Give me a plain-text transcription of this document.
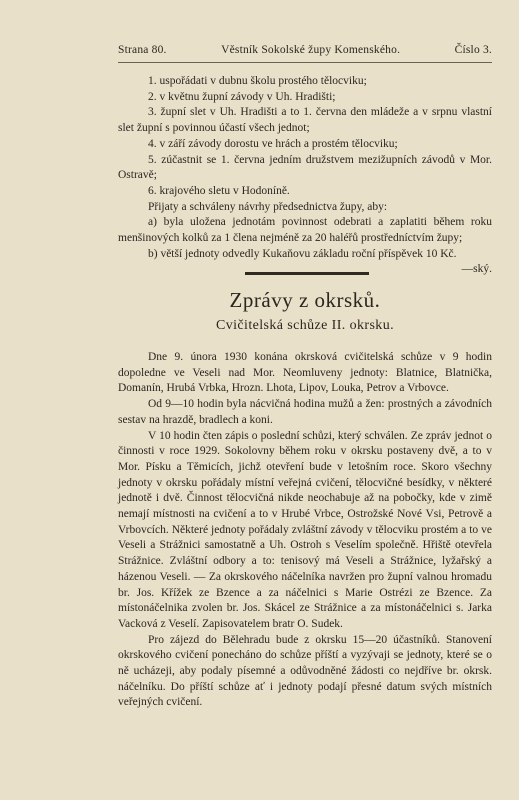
Strana 80.	Věstník Sokolské župy Komenského.	Číslo 3.

1. uspořádati v dubnu školu prostého tělocviku;

2. v květnu župní závody v Uh. Hradišti;

3. župní slet v Uh. Hradišti a to 1. června den mládeže a v srpnu vlastní slet župní s povinnou účastí všech jednot;

4. v září závody dorostu ve hrách a prostém tělocviku;

5. zúčastnit se 1. června jedním družstvem mezižupních závodů v Mor. Ostravě;

6. krajového sletu v Hodoníně.

Přijaty a schváleny návrhy předsednictva župy, aby:

a) byla uložena jednotám povinnost odebrati a zaplatiti během roku menšinových kolků za 1 člena nejméně za 20 haléřů prostředníctvím župy;

b) větší jednoty odvedly Kukaňovu základu roční příspěvek 10 Kč.

—ský.

Zprávy z okrsků.
Cvičitelská schůze II. okrsku.

Dne 9. února 1930 konána okrsková cvičitelská schůze v 9 hodin dopoledne ve Veseli nad Mor. Neomluveny jednoty: Blatnice, Blatnička, Domanín, Hrubá Vrbka, Hrozn. Lhota, Lipov, Louka, Petrov a Vrbovce.

Od 9—10 hodin byla nácvičná hodina mužů a žen: prostných a závodních sestav na hrazdě, bradlech a koni.

V 10 hodin čten zápis o poslední schůzi, který schválen. Ze zpráv jednot o činnosti v roce 1929. Sokolovny během roku v okrsku postaveny dvě, a to v Mor. Písku a Těmicích, jichž otevření bude v letošním roce. Skoro všechny jednoty v okrsku pořádaly místní veřejná cvičení, tělocvičné besídky, v některé jednotě i dvě. Činnost tělocvičná nikde neochabuje až na pobočky, kde v zimě nemají místnosti na cvičení a to v Hrubé Vrbce, Ostrožské Nové Vsi, Petrově a Vrbovcích. Některé jednoty pořádaly zvláštní závody v tělocviku prostém a to ve Veseli a Strážnici samostatně a Uh. Ostroh s Veselím společně. Hřiště otevřela Strážnice. Zvláštní odbory a to: tenisový má Veseli a Strážnice, lyžařský a házenou Veseli. — Za okrskového náčelníka navržen pro župní valnou hromadu br. Jos. Křížek ze Bzence a za náčelnici s Marie Ostrézi ze Bzence. Za místonáčelnika zvolen br. Jos. Skácel ze Strážnice a za místonáčelnici s. Jarka Vacková z Veselí. Zapisovatelem bratr O. Sudek.

Pro zájezd do Bělehradu bude z okrsku 15—20 účastníků. Stanovení okrskového cvičení ponecháno do schůze příští a vyzývaji se jednoty, které se o ně ucházeji, aby podaly písemné a odůvodněné žádosti co nejdříve br. okrsk. náčelníku. Do příští schůze ať i jednoty podají přesné datum svých místních veřejných cvičení.
